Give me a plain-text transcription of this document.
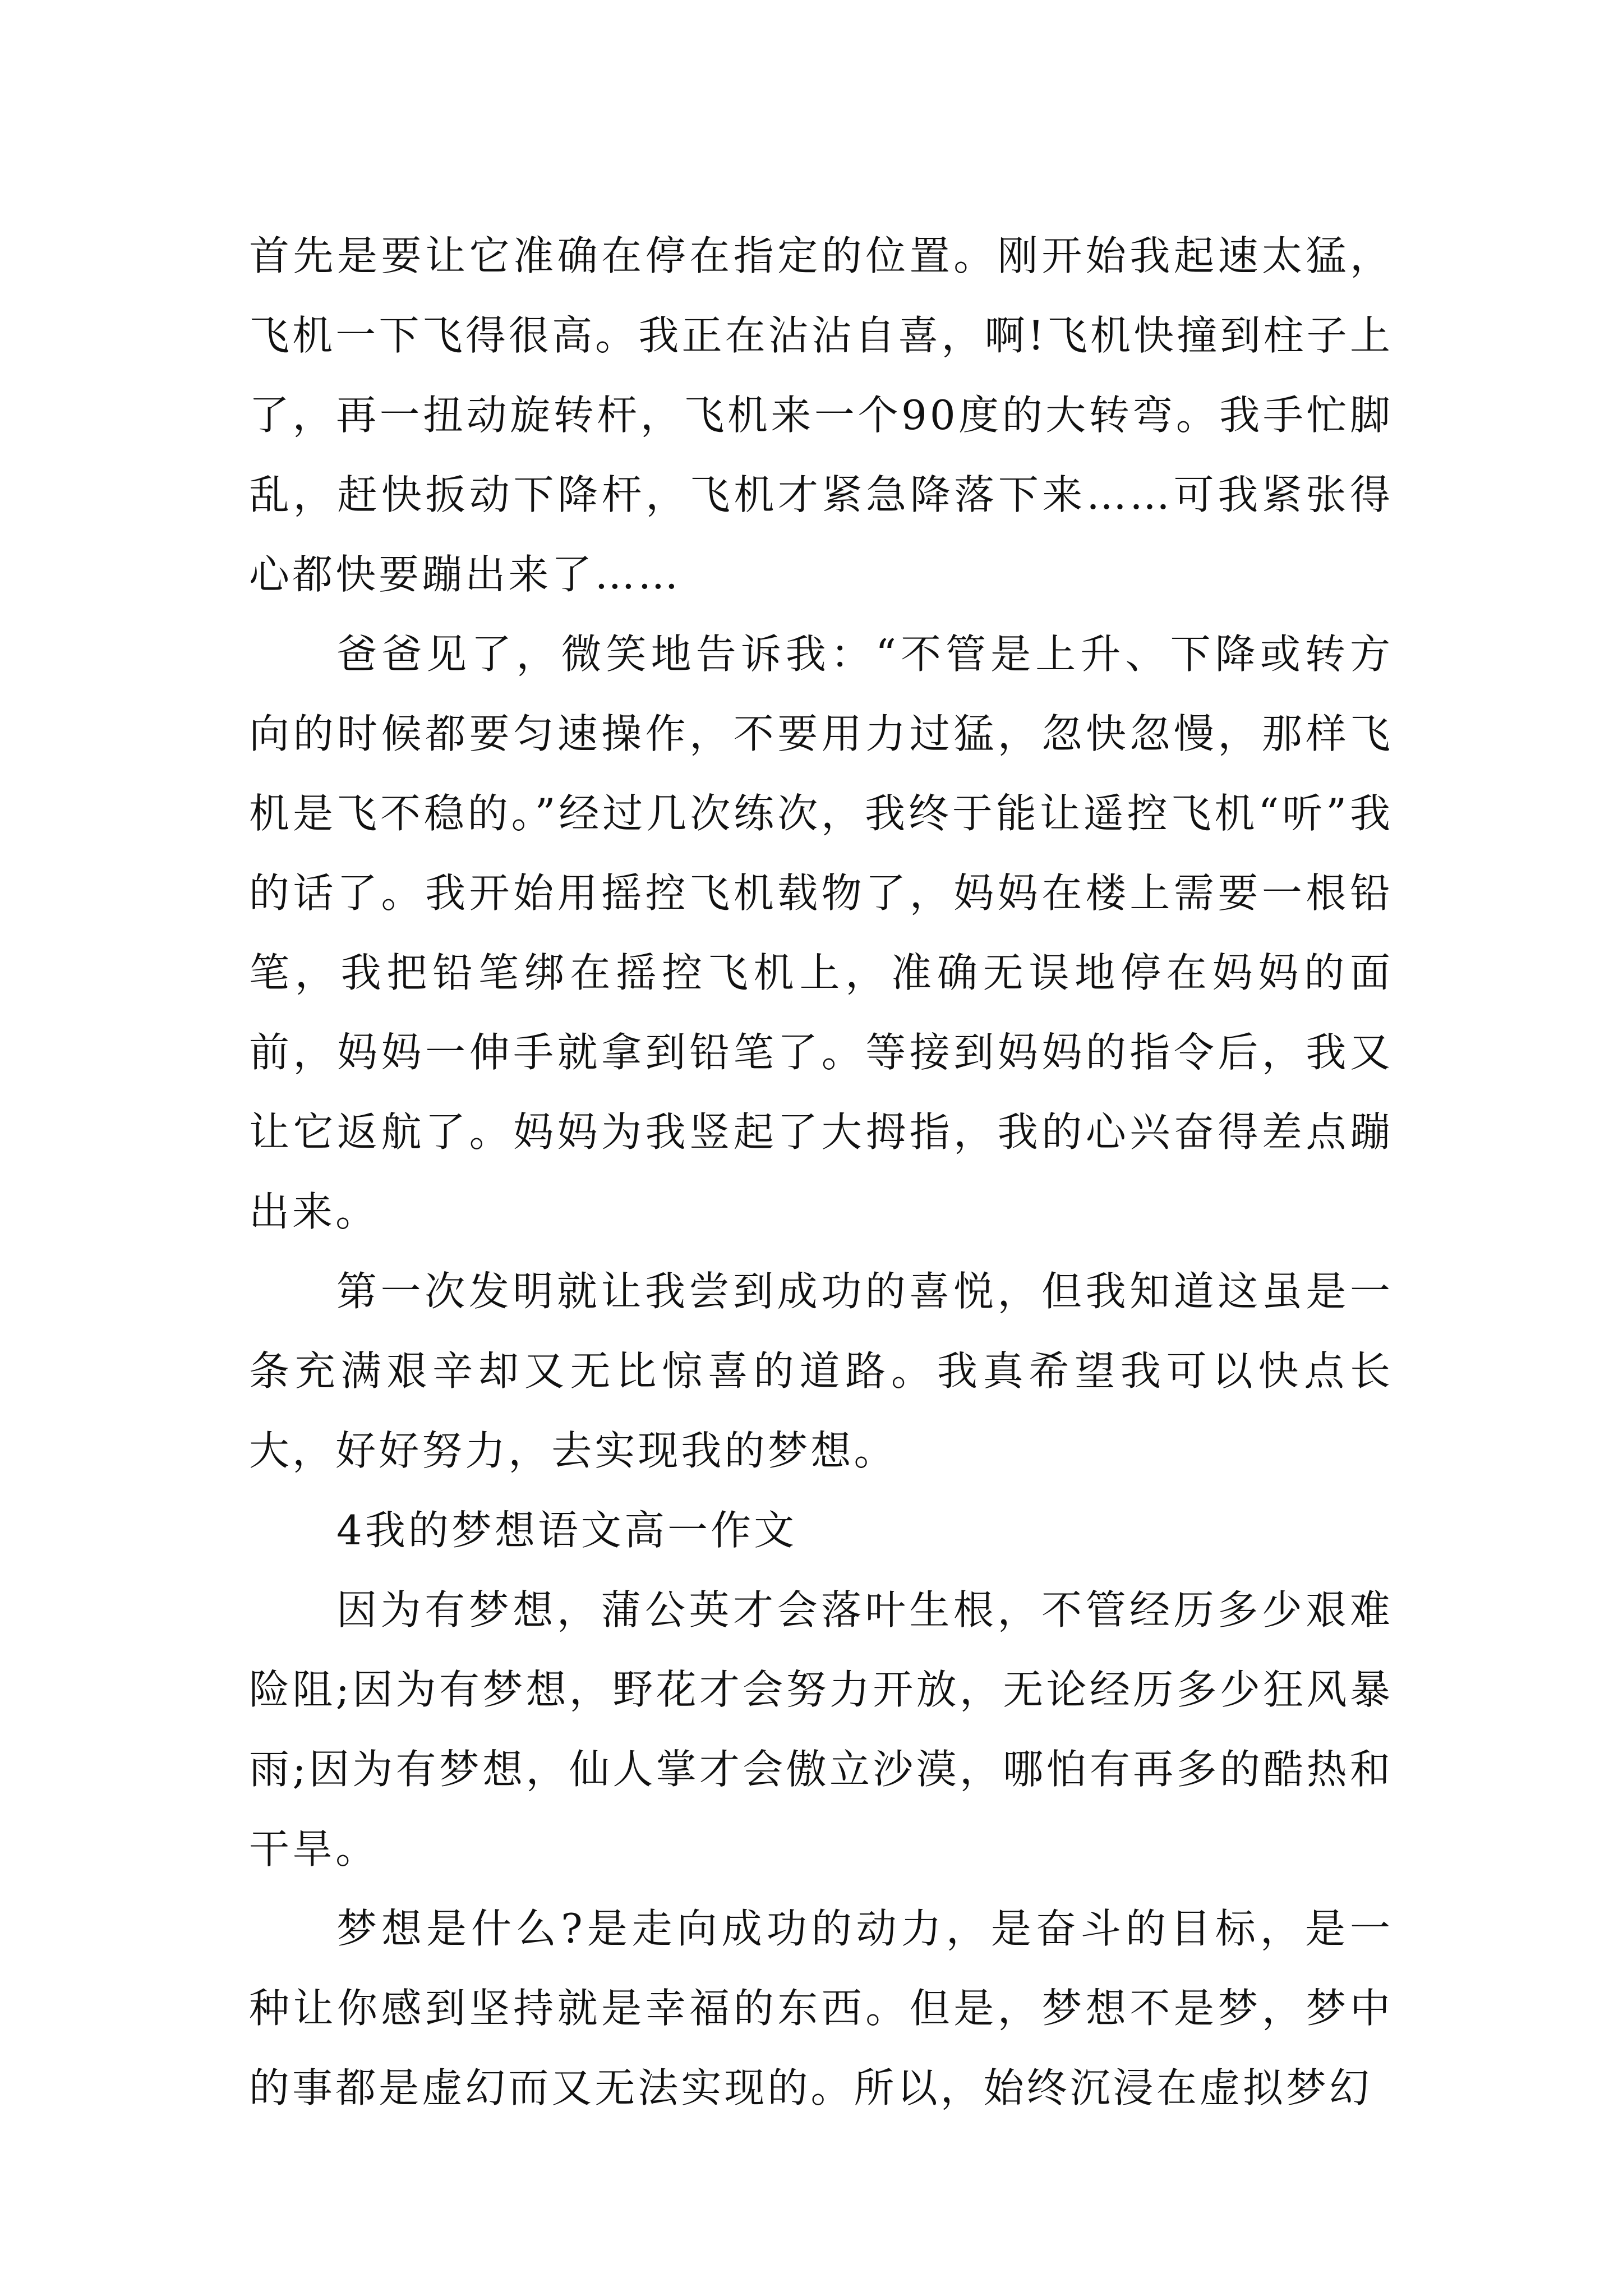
首先是要让它准确在停在指定的位置。刚开始我起速太猛，飞机一下飞得很高。我正在沾沾自喜，啊!飞机快撞到柱子上了，再一扭动旋转杆，飞机来一个90度的大转弯。我手忙脚乱，赶快扳动下降杆，飞机才紧急降落下来……可我紧张得心都快要蹦出来了……

爸爸见了，微笑地告诉我：“不管是上升、下降或转方向的时候都要匀速操作，不要用力过猛，忽快忽慢，那样飞机是飞不稳的。”经过几次练次，我终于能让遥控飞机“听”我的话了。我开始用摇控飞机载物了，妈妈在楼上需要一根铅笔，我把铅笔绑在摇控飞机上，准确无误地停在妈妈的面前，妈妈一伸手就拿到铅笔了。等接到妈妈的指令后，我又让它返航了。妈妈为我竖起了大拇指，我的心兴奋得差点蹦出来。

第一次发明就让我尝到成功的喜悦，但我知道这虽是一条充满艰辛却又无比惊喜的道路。我真希望我可以快点长大，好好努力，去实现我的梦想。

4我的梦想语文高一作文

因为有梦想，蒲公英才会落叶生根，不管经历多少艰难险阻;因为有梦想，野花才会努力开放，无论经历多少狂风暴雨;因为有梦想，仙人掌才会傲立沙漠，哪怕有再多的酷热和干旱。

梦想是什么?是走向成功的动力，是奋斗的目标，是一种让你感到坚持就是幸福的东西。但是，梦想不是梦，梦中的事都是虚幻而又无法实现的。所以，始终沉浸在虚拟梦幻
